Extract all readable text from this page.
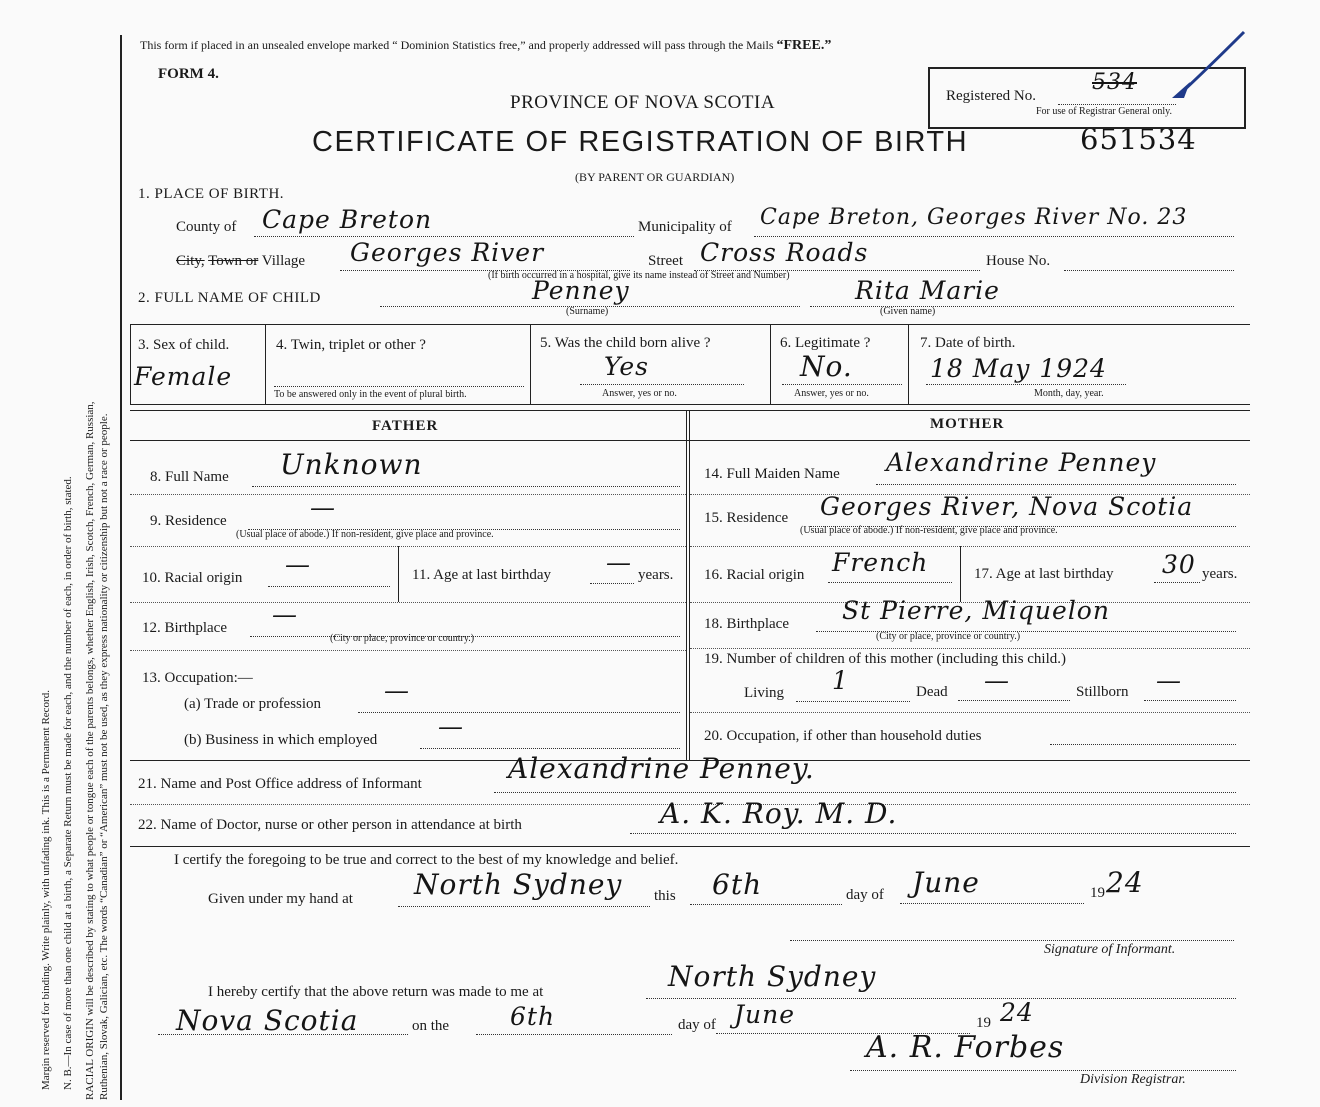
Margin reserved for binding. Write plainly, with unfading ink. This is a Permanent Record. N. B.—In case of more than one child at a birth, a Separate Return must be made for each, and the number of each, in order of birth, stated. RACIAL ORIGIN will be described by stating to what people or tongue each of the parents belongs, whether English, Irish, Scotch, French, German, Russian, Ruthenian, Slovak, Galician, etc. The words “Canadian” or “American” must not be used, as they express nationality or citizenship but not a race or people.
This form if placed in an unsealed envelope marked “ Dominion Statistics free,” and properly addressed will pass through the Mails “FREE.”
FORM 4.
PROVINCE OF NOVA SCOTIA
CERTIFICATE OF REGISTRATION OF BIRTH	651534
(BY PARENT OR GUARDIAN)
Registered No.
534
For use of Registrar General only.
1. PLACE OF BIRTH.
County of Cape Breton	Municipality of Cape Breton, Georges River No. 23
City, Town or Village Georges River	Street Cross Roads	House No.
(If birth occurred in a hospital, give its name instead of Street and Number)
2. FULL NAME OF CHILD	Penney
(Surname)
Rita Marie
(Given name)
3. Sex of child.
Female
4. Twin, triplet or other ?
To be answered only in the event of plural birth.
5. Was the child born alive ?
Yes
Answer, yes or no.
6. Legitimate ?
No.
Answer, yes or no.
7. Date of birth.
18 May 1924
Month, day, year.
FATHER	MOTHER
8. Full Name Unknown
9. Residence	—
(Usual place of abode.) If non-resident, give place and province.
10. Racial origin —	11. Age at last birthday — years.
12. Birthplace —
(City or place, province or country.)
13. Occupation:—
(a) Trade or profession	—
(b) Business in which employed —
14. Full Maiden Name Alexandrine Penney
15. Residence Georges River, Nova Scotia
(Usual place of abode.) If non-resident, give place and province.
16. Racial origin French	17. Age at last birthday 30 years.
18. Birthplace St Pierre, Miquelon
(City or place, province or country.)
19. Number of children of this mother (including this child.)
Living 1	Dead —	Stillborn —
20. Occupation, if other than household duties
21. Name and Post Office address of Informant	Alexandrine Penney.
22. Name of Doctor, nurse or other person in attendance at birth	A. K. Roy. M. D.
I certify the foregoing to be true and correct to the best of my knowledge and belief.
Given under my hand at North Sydney this 6th	day of June	19 24
Signature of Informant.
I hereby certify that the above return was made to me at	North Sydney
Nova Scotia	on the 6th	day of June	19 24
A. R. Forbes
Division Registrar.
